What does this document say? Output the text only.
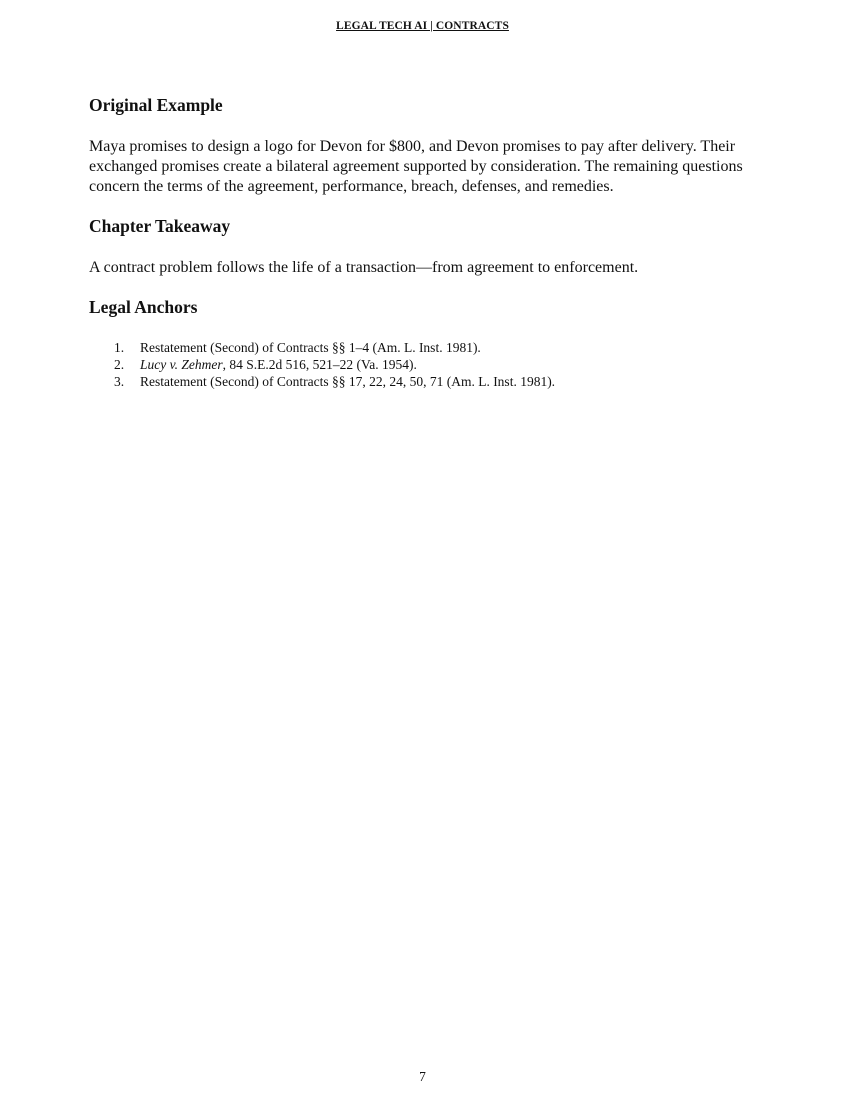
LEGAL TECH AI | CONTRACTS
Original Example

Maya promises to design a logo for Devon for $800, and Devon promises to pay after delivery. Their exchanged promises create a bilateral agreement supported by consideration. The remaining questions concern the terms of the agreement, performance, breach, defenses, and remedies.

Chapter Takeaway

A contract problem follows the life of a transaction—from agreement to enforcement.

Legal Anchors
1. Restatement (Second) of Contracts §§ 1–4 (Am. L. Inst. 1981).
2. Lucy v. Zehmer, 84 S.E.2d 516, 521–22 (Va. 1954).
3. Restatement (Second) of Contracts §§ 17, 22, 24, 50, 71 (Am. L. Inst. 1981).
7
